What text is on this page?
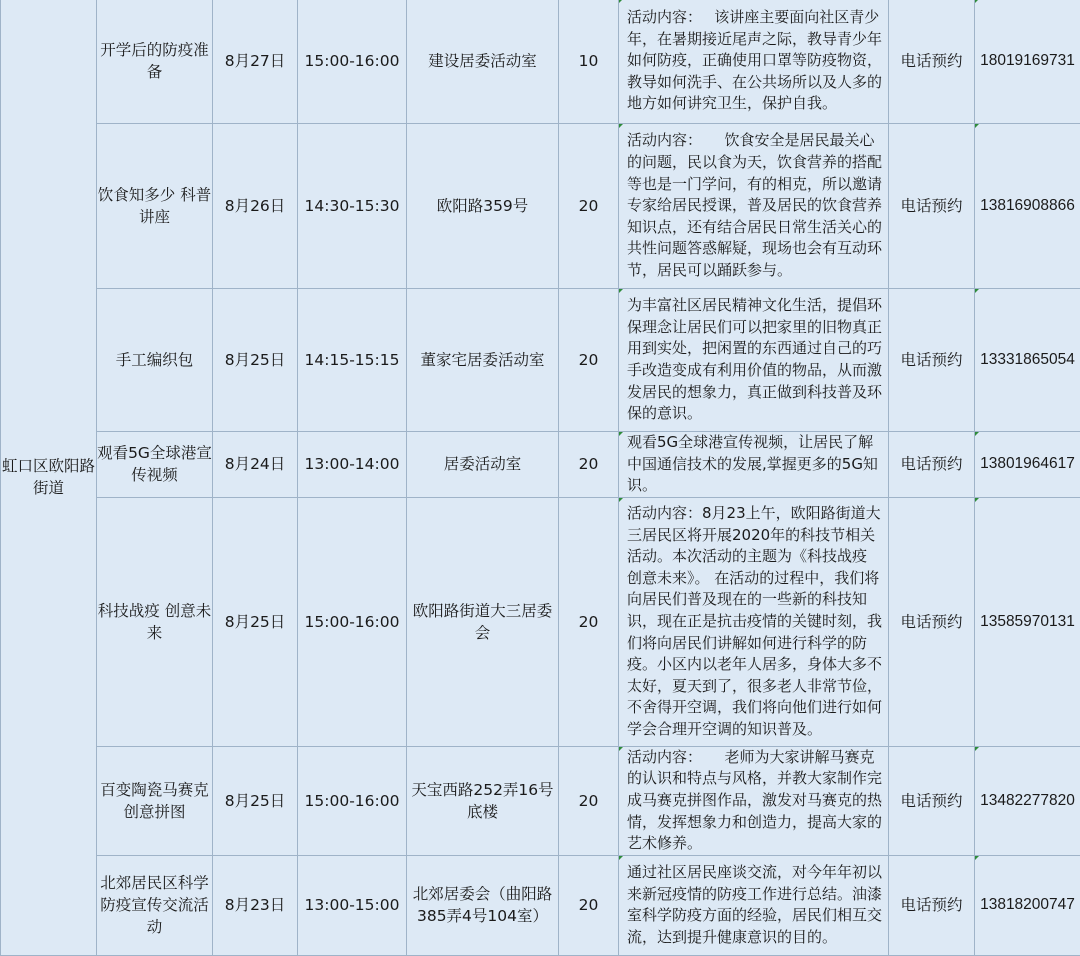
虹口区欧阳路街道	开学后的防疫准备	8月27日	15:00-16:00	建设居委活动室	10	活动内容：　 该讲座主要面向社区青少年，在暑期接近尾声之际，教导青少年如何防疫，正确使用口罩等防疫物资，教导如何洗手、在公共场所以及人多的地方如何讲究卫生，保护自我。	电话预约	18019169731
	饮食知多少 科普讲座	8月26日	14:30-15:30	欧阳路359号	20	活动内容：　　饮食安全是居民最关心的问题，民以食为天，饮食营养的搭配等也是一门学问，有的相克，所以邀请专家给居民授课，普及居民的饮食营养知识点，还有结合居民日常生活关心的共性问题答惑解疑，现场也会有互动环节，居民可以踊跃参与。	电话预约	13816908866
	手工编织包	8月25日	14:15-15:15	董家宅居委活动室	20	为丰富社区居民精神文化生活，提倡环保理念让居民们可以把家里的旧物真正用到实处，把闲置的东西通过自己的巧手改造变成有利用价值的物品，从而激发居民的想象力，真正做到科技普及环保的意识。	电话预约	13331865054
	观看5G全球港宣传视频	8月24日	13:00-14:00	居委活动室	20	观看5G全球港宣传视频，让居民了解中国通信技术的发展,掌握更多的5G知识。	电话预约	13801964617
	科技战疫 创意未来	8月25日	15:00-16:00	欧阳路街道大三居委会	20	活动内容：8月23上午，欧阳路街道大三居民区将开展2020年的科技节相关活动。本次活动的主题为《科技战疫 创意未来》。 在活动的过程中，我们将向居民们普及现在的一些新的科技知识，现在正是抗击疫情的关键时刻，我们将向居民们讲解如何进行科学的防疫。小区内以老年人居多，身体大多不太好，夏天到了，很多老人非常节俭，不舍得开空调，我们将向他们进行如何学会合理开空调的知识普及。	电话预约	13585970131
	百变陶瓷马赛克创意拼图	8月25日	15:00-16:00	天宝西路252弄16号底楼	20	活动内容：　　老师为大家讲解马赛克的认识和特点与风格，并教大家制作完成马赛克拼图作品，激发对马赛克的热情，发挥想象力和创造力，提高大家的艺术修养。	电话预约	13482277820
	北郊居民区科学防疫宣传交流活动	8月23日	13:00-15:00	北郊居委会（曲阳路385弄4号104室）	20	通过社区居民座谈交流，对今年年初以来新冠疫情的防疫工作进行总结。油漆室科学防疫方面的经验，居民们相互交流，达到提升健康意识的目的。	电话预约	13818200747
